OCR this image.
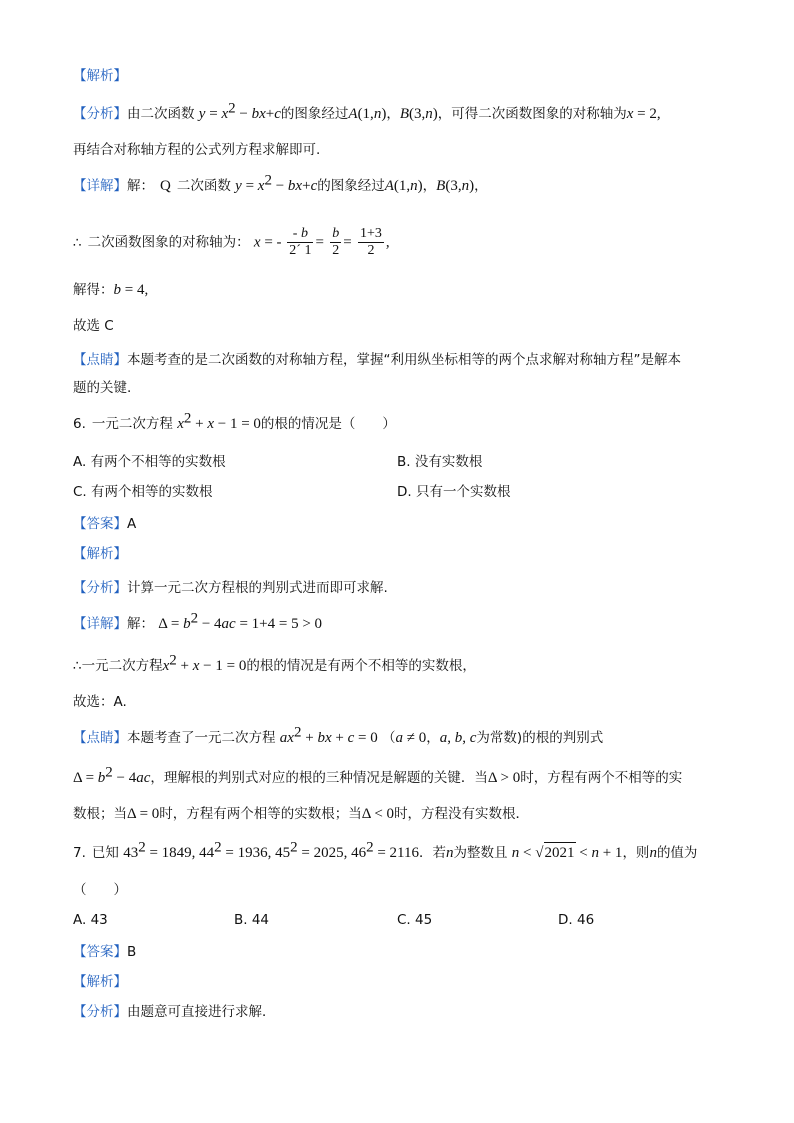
【解析】
【分析】由二次函数 $y = x^2 - bx+c$的图象经过A(1,n)，B(3,n)，可得二次函数图象的对称轴为x = 2,
再结合对称轴方程的公式列方程求解即可.
【详解】解： Q 二次函数 $y = x^2 - bx+c$的图象经过A(1,n)，B(3,n)，
∴ 二次函数图象的对称轴为： x = - $\frac{- b}{2´ 1} = \frac{b}{2} = \frac{1+3}{2}$ ,
解得：b = 4,
故选 C
【点睛】本题考查的是二次函数的对称轴方程，掌握“利用纵坐标相等的两个点求解对称轴方程”是解本
题的关键.
6. 一元二次方程 $x^2 + x - 1 = 0$的根的情况是（　　）
A. 有两个不相等的实数根	B. 没有实数根
C. 有两个相等的实数根	D. 只有一个实数根
【答案】A
【解析】
【分析】计算一元二次方程根的判别式进而即可求解.
【详解】解： $\Delta = b^2 - 4ac = 1+4 = 5 > 0$
∴一元二次方程$x^2 + x - 1 = 0$的根的情况是有两个不相等的实数根，
故选：A.
【点睛】本题考查了一元二次方程 $ax^2$ + bx + c = 0 （a ≠ 0，a, b, c为常数)的根的判别式
$\Delta = b^2 - 4ac$，理解根的判别式对应的根的三种情况是解题的关键．当Δ > 0时，方程有两个不相等的实
数根；当Δ = 0时，方程有两个相等的实数根；当Δ < 0时，方程没有实数根．
7. 已知 $43^2 = 1849$, $44^2 = 1936$, $45^2 = 2025$, $46^2 = 2116$．若n为整数且 n < √2021 < n + 1，则n的值为
（　　）
A. 43	B. 44	C. 45	D. 46
【答案】B
【解析】
【分析】由题意可直接进行求解．
